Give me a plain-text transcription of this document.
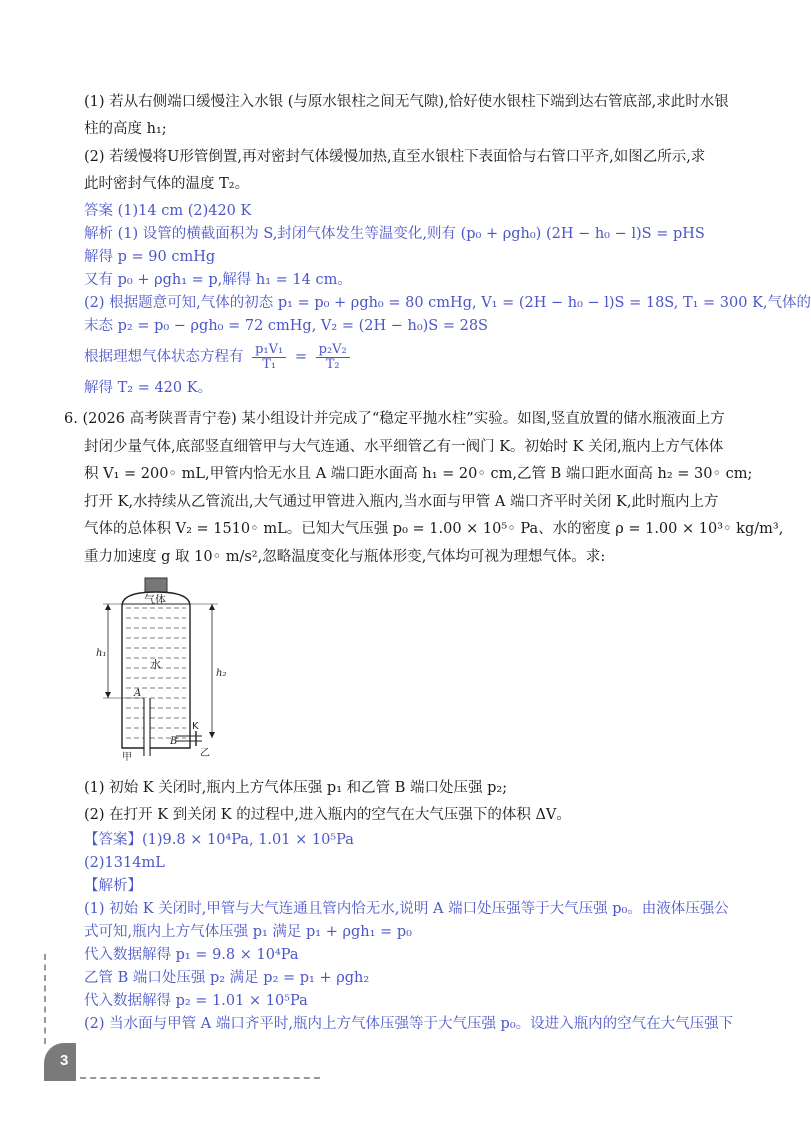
(1) 若从右侧端口缓慢注入水银 (与原水银柱之间无气隙),恰好使水银柱下端到达右管底部,求此时水银
柱的高度 h₁;
(2) 若缓慢将U形管倒置,再对密封气体缓慢加热,直至水银柱下表面恰与右管口平齐,如图乙所示,求
此时密封气体的温度 T₂。
答案 (1)14 cm (2)420 K
解析 (1) 设管的横截面积为 S,封闭气体发生等温变化,则有 (p₀ + ρgh₀) (2H − h₀ − l)S = pHS
解得 p = 90 cmHg
又有 p₀ + ρgh₁ = p,解得 h₁ = 14 cm。
(2) 根据题意可知,气体的初态 p₁ = p₀ + ρgh₀ = 80 cmHg, V₁ = (2H − h₀ − l)S = 18S, T₁ = 300 K,气体的
末态 p₂ = p₀ − ρgh₀ = 72 cmHg, V₂ = (2H − h₀)S = 28S
根据理想气体状态方程有 $\frac{\text{p₁V₁}}{\text{T₁}} = \frac{\text{p₂V₂}}{\text{T₂}}$
解得 T₂ = 420 K。
6. (2026 高考陕晋青宁卷) 某小组设计并完成了“稳定平抛水柱”实验。如图,竖直放置的储水瓶液面上方
封闭少量气体,底部竖直细管甲与大气连通、水平细管乙有一阀门 K。初始时 K 关闭,瓶内上方气体体
积 V₁ = 200◦ mL,甲管内恰无水且 A 端口距水面高 h₁ = 20◦ cm,乙管 B 端口距水面高 h₂ = 30◦ cm;
打开 K,水持续从乙管流出,大气通过甲管进入瓶内,当水面与甲管 A 端口齐平时关闭 K,此时瓶内上方
气体的总体积 V₂ = 1510◦ mL。已知大气压强 p₀ = 1.00 × 10⁵◦ Pa、水的密度 ρ = 1.00 × 10³◦ kg/m³,
重力加速度 g 取 10◦ m/s²,忽略温度变化与瓶体形变,气体均可视为理想气体。求:
气体
水
h₁
h₂
A
B
K
甲	乙
(1) 初始 K 关闭时,瓶内上方气体压强 p₁ 和乙管 B 端口处压强 p₂;
(2) 在打开 K 到关闭 K 的过程中,进入瓶内的空气在大气压强下的体积 ΔV。
【答案】(1)9.8 × 10⁴Pa, 1.01 × 10⁵Pa
(2)1314mL
【解析】
(1) 初始 K 关闭时,甲管与大气连通且管内恰无水,说明 A 端口处压强等于大气压强 p₀。由液体压强公
式可知,瓶内上方气体压强 p₁ 满足 p₁ + ρgh₁ = p₀
代入数据解得 p₁ = 9.8 × 10⁴Pa
乙管 B 端口处压强 p₂ 满足 p₂ = p₁ + ρgh₂
代入数据解得 p₂ = 1.01 × 10⁵Pa
(2) 当水面与甲管 A 端口齐平时,瓶内上方气体压强等于大气压强 p₀。设进入瓶内的空气在大气压强下
3
